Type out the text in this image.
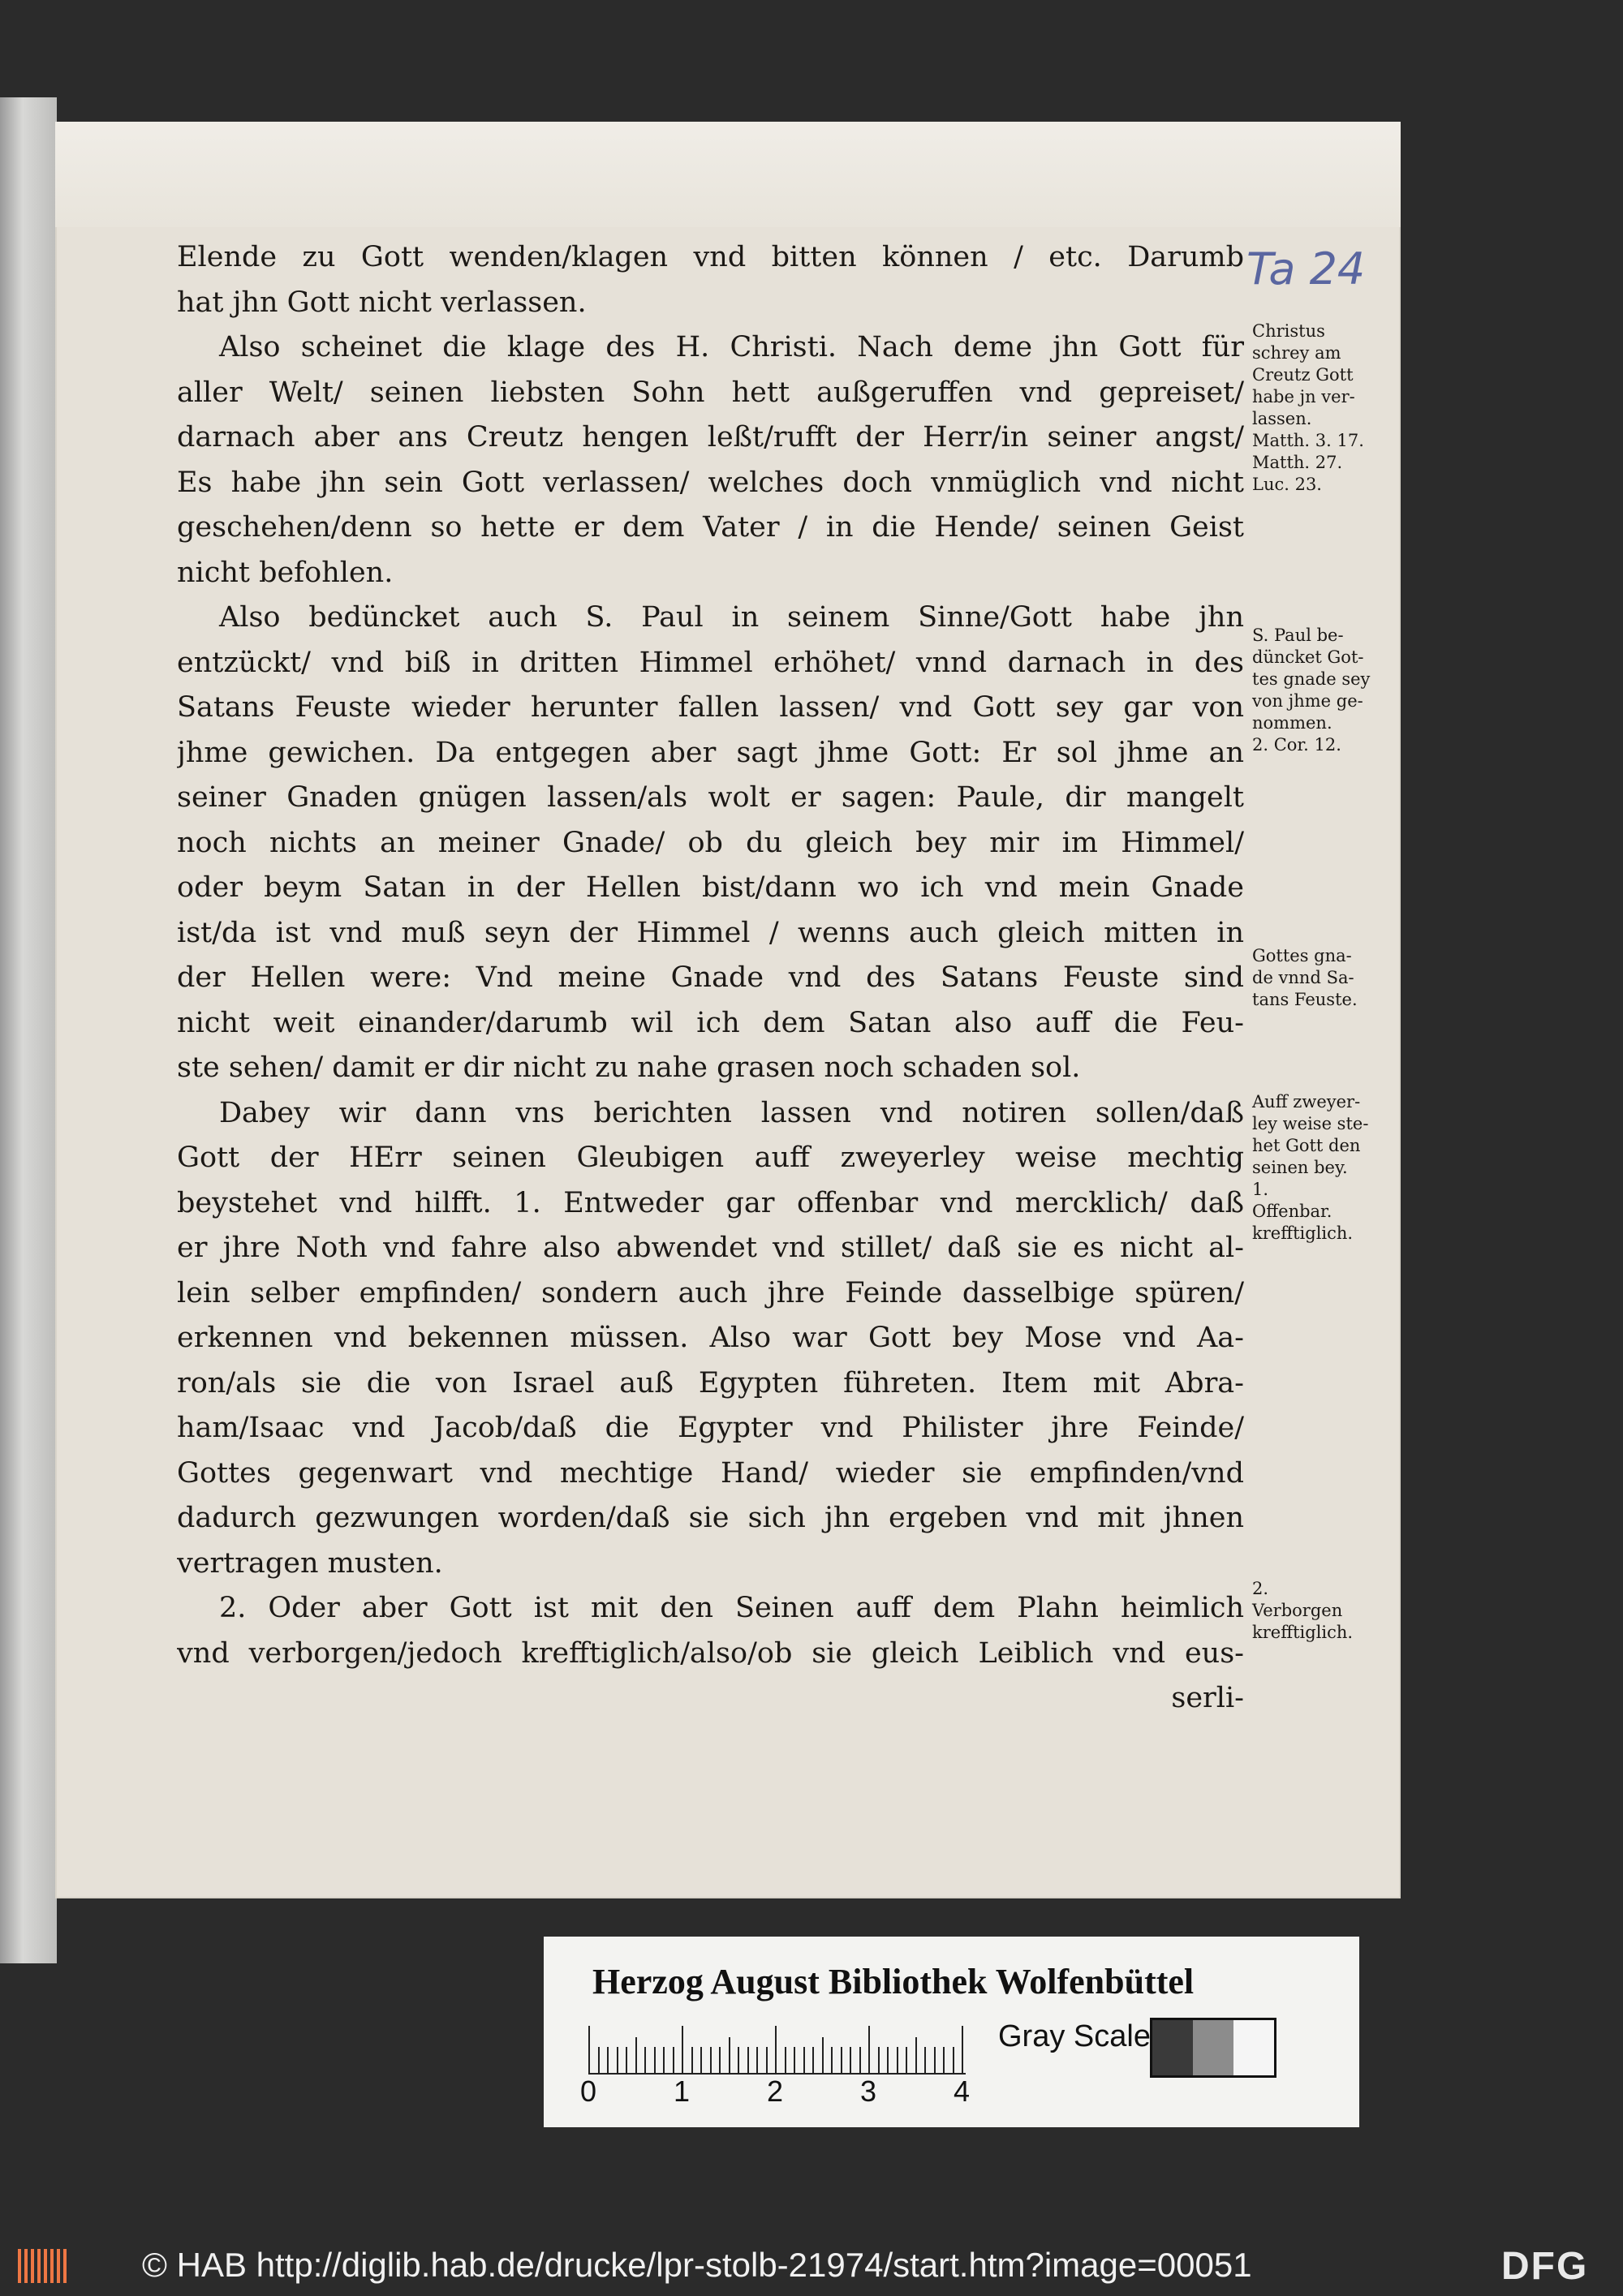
Ta 24
Elende zu Gott wenden/klagen vnd bitten können / etc. Darumb
hat jhn Gott nicht verlassen.
Also scheinet die klage des H. Christi. Nach deme jhn Gott für
aller Welt/ seinen liebsten Sohn hett außgeruffen vnd gepreiset/
darnach aber ans Creutz hengen leßt/rufft der Herr/in seiner angst/
Es habe jhn sein Gott verlassen/ welches doch vnmüglich vnd nicht
geschehen/denn so hette er dem Vater / in die Hende/ seinen Geist
nicht befohlen.
Also bedüncket auch S. Paul in seinem Sinne/Gott habe jhn
entzückt/ vnd biß in dritten Himmel erhöhet/ vnnd darnach in des
Satans Feuste wieder herunter fallen lassen/ vnd Gott sey gar von
jhme gewichen. Da entgegen aber sagt jhme Gott: Er sol jhme an
seiner Gnaden gnügen lassen/als wolt er sagen: Paule, dir mangelt
noch nichts an meiner Gnade/ ob du gleich bey mir im Himmel/
oder beym Satan in der Hellen bist/dann wo ich vnd mein Gnade
ist/da ist vnd muß seyn der Himmel / wenns auch gleich mitten in
der Hellen were: Vnd meine Gnade vnd des Satans Feuste sind
nicht weit einander/darumb wil ich dem Satan also auff die Feu-
ste sehen/ damit er dir nicht zu nahe grasen noch schaden sol.
Dabey wir dann vns berichten lassen vnd notiren sollen/daß
Gott der HErr seinen Gleubigen auff zweyerley weise mechtig
beystehet vnd hilfft. 1. Entweder gar offenbar vnd mercklich/ daß
er jhre Noth vnd fahre also abwendet vnd stillet/ daß sie es nicht al-
lein selber empfinden/ sondern auch jhre Feinde dasselbige spüren/
erkennen vnd bekennen müssen. Also war Gott bey Mose vnd Aa-
ron/als sie die von Israel auß Egypten führeten. Item mit Abra-
ham/Isaac vnd Jacob/daß die Egypter vnd Philister jhre Feinde/
Gottes gegenwart vnd mechtige Hand/ wieder sie empfinden/vnd
dadurch gezwungen worden/daß sie sich jhn ergeben vnd mit jhnen
vertragen musten.
2. Oder aber Gott ist mit den Seinen auff dem Plahn heimlich
vnd verborgen/jedoch krefftiglich/also/ob sie gleich Leiblich vnd eus-
serli-
Christus
schrey am
Creutz Gott
habe jn ver-
lassen.
Matth. 3. 17.
Matth. 27.
Luc. 23.
S. Paul be-
düncket Got-
tes gnade sey
von jhme ge-
nommen.
2. Cor. 12.
Gottes gna-
de vnnd Sa-
tans Feuste.
Auff zweyer-
ley weise ste-
het Gott den
seinen bey.
1.
Offenbar.
krefftiglich.
2.
Verborgen
krefftiglich.
Herzog August Bibliothek Wolfenbüttel
0	1	2	3	4
Gray Scale
© HAB http://diglib.hab.de/drucke/lpr-stolb-21974/start.htm?image=00051	DFG
